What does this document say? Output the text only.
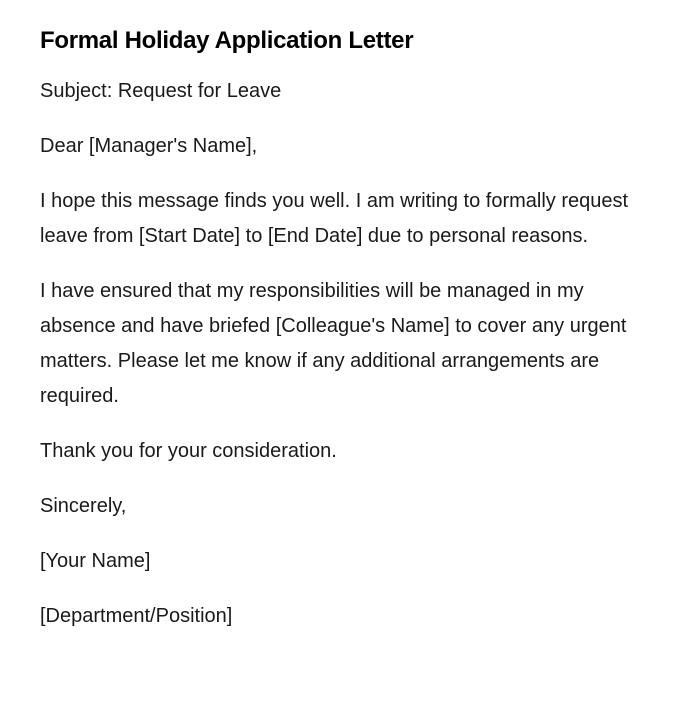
Formal Holiday Application Letter

Subject: Request for Leave

Dear [Manager's Name],

I hope this message finds you well. I am writing to formally request leave from [Start Date] to [End Date] due to personal reasons.

I have ensured that my responsibilities will be managed in my absence and have briefed [Colleague's Name] to cover any urgent matters. Please let me know if any additional arrangements are required.

Thank you for your consideration.

Sincerely,

[Your Name]

[Department/Position]
